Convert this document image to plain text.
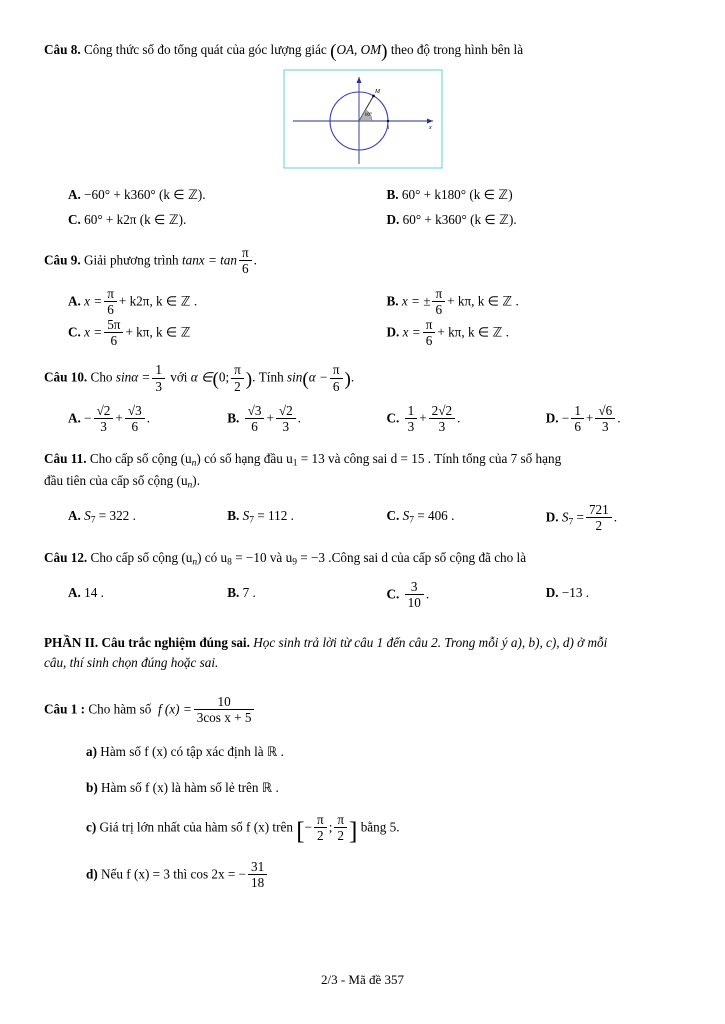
Câu 8. Công thức số đo tổng quát của góc lượng giác (OA, OM) theo độ trong hình bên là
M
60°
x
1
A. −60° + k360° (k ∈ ℤ).	B. 60° + k180° (k ∈ ℤ)
C. 60° + k2π (k ∈ ℤ).	D. 60° + k360° (k ∈ ℤ).
Câu 9. Giải phương trình $\tan x = \tan \frac{\pi}{6}$ .
A. $x = \frac{\pi}{6} + k2\pi$, k ∈ ℤ .	B. x = ± $\frac{\pi}{6} + k\pi$, k ∈ ℤ .
C. $x = \frac{5\pi}{6} + k\pi$, k ∈ ℤ	D. $x = \frac{\pi}{6} + k\pi$, k ∈ ℤ .
Câu 10. Cho $\sin\alpha = \frac{1}{3}$ với α ∈(0; $\frac{\pi}{2}$ ). Tính $\sin(\alpha - \frac{\pi}{6}$ ).
A. − $\frac{√2}{3} + \frac{√3}{6}$ .	B. $\frac{√3}{6} + \frac{√2}{3}$ .	C. $\frac{1}{3} + \frac{2√2}{3}$ .	D. − $\frac{1}{6} + \frac{√6}{3}$ .
Câu 11. Cho cấp số cộng $(u_n)$ có số hạng đầu $u_1 = 13$ và công sai d = 15 . Tính tổng của 7 số hạng
đầu tiên của cấp số cộng $(u_n)$.
A. $S_7 = 322$ .	B. $S_7 = 112$ .	C. $S_7 = 406$ .	D. $S_7 = \frac{721}{2}$ .
Câu 12. Cho cấp số cộng $(u_n)$ có $u_8 = -10$ và $u_9 = -3$ .Công sai d của cấp số cộng đã cho là
A. 14 .	B. 7 .	C. $\frac{3}{10}$ .	D. −13 .
PHẦN II. Câu trắc nghiệm đúng sai. Học sinh trả lời từ câu 1 đến câu 2. Trong mỗi ý a), b), c), d) ở mỗi
câu, thí sinh chọn đúng hoặc sai.
Câu 1 : Cho hàm số f $(x) = \frac{10}{\text{3cos x + 5}}$
a) Hàm số f (x) có tập xác định là ℝ .
b) Hàm số f (x) là hàm số lẻ trên ℝ .
c) Giá trị lớn nhất của hàm số f (x) trên [− $\frac{\pi}{2}$ ; $\frac{\pi}{2}$ ] bằng 5.
d) Nếu f (x) = 3 thì cos 2x = − $\frac{31}{18}$
2/3 - Mã đề 357
